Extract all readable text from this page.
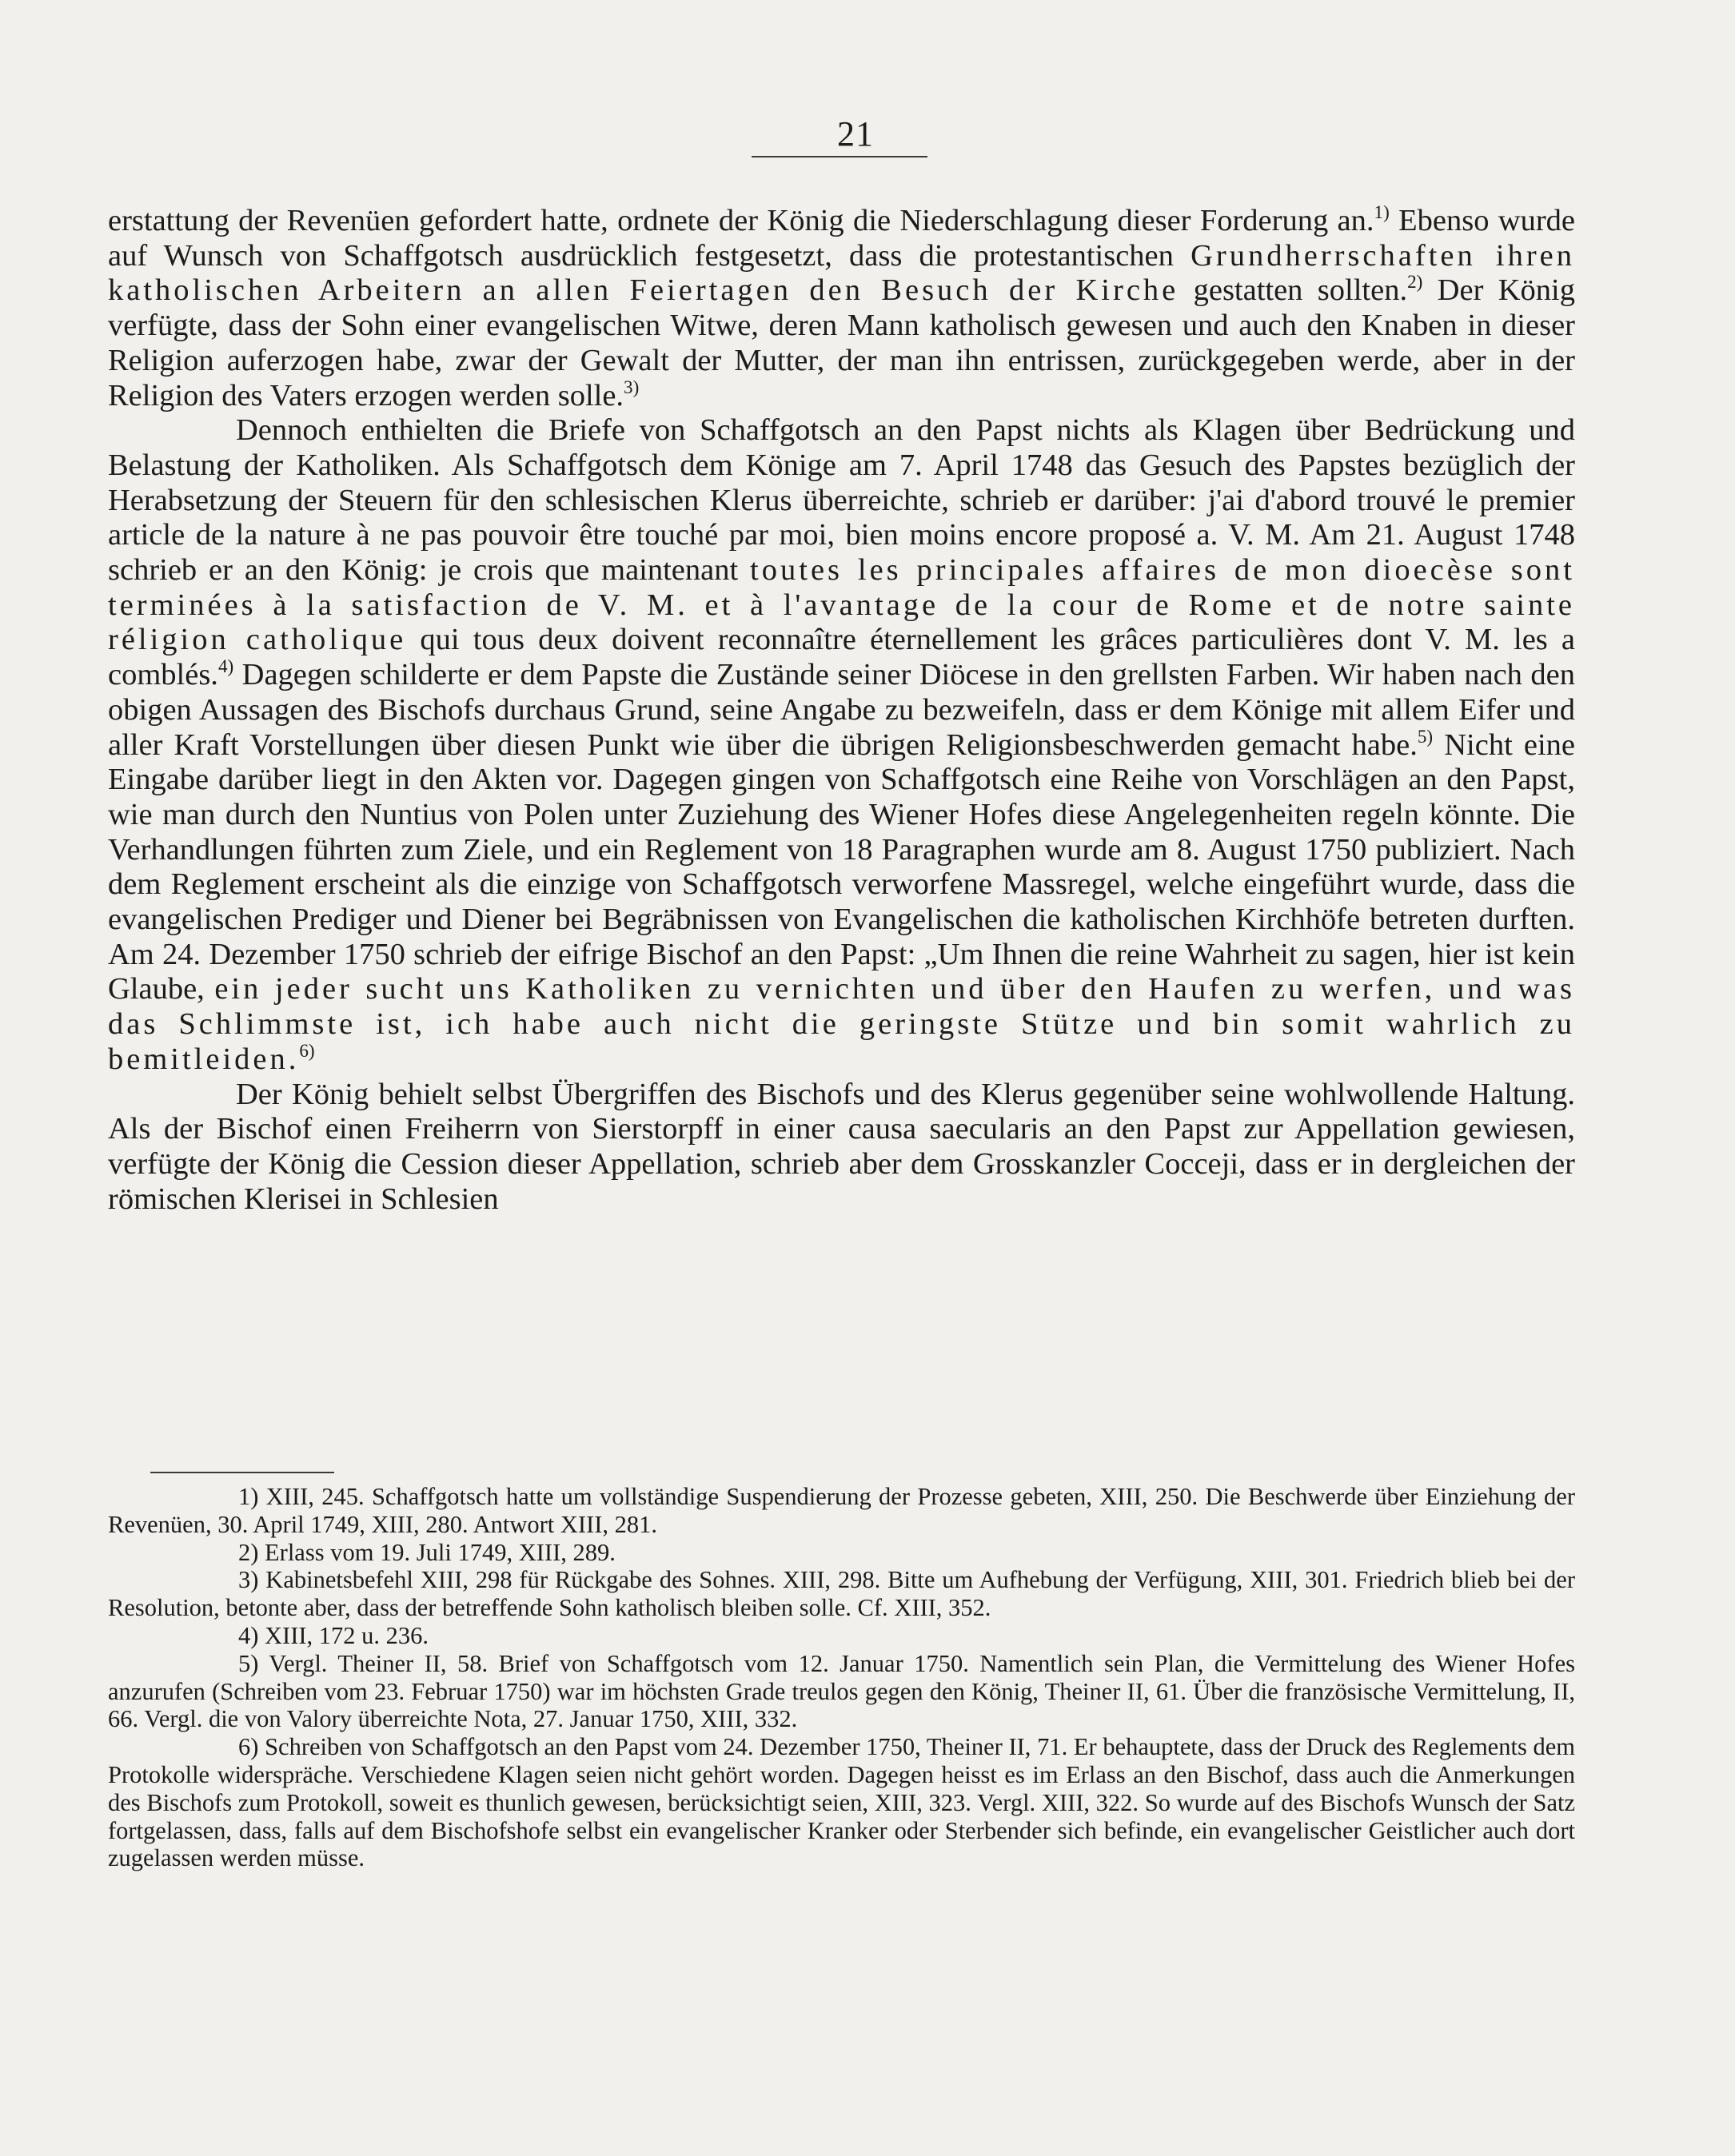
21

erstattung der Revenüen gefordert hatte, ordnete der König die Niederschlagung dieser Forderung an.$^{1)}$ Ebenso wurde auf Wunsch von Schaffgotsch ausdrücklich festgesetzt, dass die protestantischen Grundherrschaften ihren katholischen Arbeitern an allen Feiertagen den Besuch der Kirche gestatten sollten.$^{2)}$ Der König verfügte, dass der Sohn einer evangelischen Witwe, deren Mann katholisch gewesen und auch den Knaben in dieser Religion auferzogen habe, zwar der Gewalt der Mutter, der man ihn entrissen, zurückgegeben werde, aber in der Religion des Vaters erzogen werden solle.$^{3)}$

Dennoch enthielten die Briefe von Schaffgotsch an den Papst nichts als Klagen über Bedrückung und Belastung der Katholiken. Als Schaffgotsch dem Könige am 7. April 1748 das Gesuch des Papstes bezüglich der Herabsetzung der Steuern für den schlesischen Klerus überreichte, schrieb er darüber: j'ai d'abord trouvé le premier article de la nature à ne pas pouvoir être touché par moi, bien moins encore proposé a. V. M. Am 21. August 1748 schrieb er an den König: je crois que maintenant toutes les principales affaires de mon dioecèse sont terminées à la satisfaction de V. M. et à l'avantage de la cour de Rome et de notre sainte réligion catholique qui tous deux doivent reconnaître éternellement les grâces particulières dont V. M. les a comblés.$^{4)}$ Dagegen schilderte er dem Papste die Zustände seiner Diöcese in den grellsten Farben. Wir haben nach den obigen Aussagen des Bischofs durchaus Grund, seine Angabe zu bezweifeln, dass er dem Könige mit allem Eifer und aller Kraft Vorstellungen über diesen Punkt wie über die übrigen Religionsbeschwerden gemacht habe.$^{5)}$ Nicht eine Eingabe darüber liegt in den Akten vor. Dagegen gingen von Schaffgotsch eine Reihe von Vorschlägen an den Papst, wie man durch den Nuntius von Polen unter Zuziehung des Wiener Hofes diese Angelegenheiten regeln könnte. Die Verhandlungen führten zum Ziele, und ein Reglement von 18 Paragraphen wurde am 8. August 1750 publiziert. Nach dem Reglement erscheint als die einzige von Schaffgotsch verworfene Massregel, welche eingeführt wurde, dass die evangelischen Prediger und Diener bei Begräbnissen von Evangelischen die katholischen Kirchhöfe betreten durften. Am 24. Dezember 1750 schrieb der eifrige Bischof an den Papst: „Um Ihnen die reine Wahrheit zu sagen, hier ist kein Glaube, ein jeder sucht uns Katholiken zu vernichten und über den Haufen zu werfen, und was das Schlimmste ist, ich habe auch nicht die geringste Stütze und bin somit wahrlich zu bemitleiden.$^{6)}$

Der König behielt selbst Übergriffen des Bischofs und des Klerus gegenüber seine wohlwollende Haltung. Als der Bischof einen Freiherrn von Sierstorpff in einer causa saecularis an den Papst zur Appellation gewiesen, verfügte der König die Cession dieser Appellation, schrieb aber dem Grosskanzler Cocceji, dass er in dergleichen der römischen Klerisei in Schlesien

1) XIII, 245. Schaffgotsch hatte um vollständige Suspendierung der Prozesse gebeten, XIII, 250. Die Beschwerde über Einziehung der Revenüen, 30. April 1749, XIII, 280. Antwort XIII, 281.

2) Erlass vom 19. Juli 1749, XIII, 289.

3) Kabinetsbefehl XIII, 298 für Rückgabe des Sohnes. XIII, 298. Bitte um Aufhebung der Verfügung, XIII, 301. Friedrich blieb bei der Resolution, betonte aber, dass der betreffende Sohn katholisch bleiben solle. Cf. XIII, 352.

4) XIII, 172 u. 236.

5) Vergl. Theiner II, 58. Brief von Schaffgotsch vom 12. Januar 1750. Namentlich sein Plan, die Vermittelung des Wiener Hofes anzurufen (Schreiben vom 23. Februar 1750) war im höchsten Grade treulos gegen den König, Theiner II, 61. Über die französische Vermittelung, II, 66. Vergl. die von Valory überreichte Nota, 27. Januar 1750, XIII, 332.

6) Schreiben von Schaffgotsch an den Papst vom 24. Dezember 1750, Theiner II, 71. Er behauptete, dass der Druck des Reglements dem Protokolle widerspräche. Verschiedene Klagen seien nicht gehört worden. Dagegen heisst es im Erlass an den Bischof, dass auch die Anmerkungen des Bischofs zum Protokoll, soweit es thunlich gewesen, berücksichtigt seien, XIII, 323. Vergl. XIII, 322. So wurde auf des Bischofs Wunsch der Satz fortgelassen, dass, falls auf dem Bischofshofe selbst ein evangelischer Kranker oder Sterbender sich befinde, ein evangelischer Geistlicher auch dort zugelassen werden müsse.
